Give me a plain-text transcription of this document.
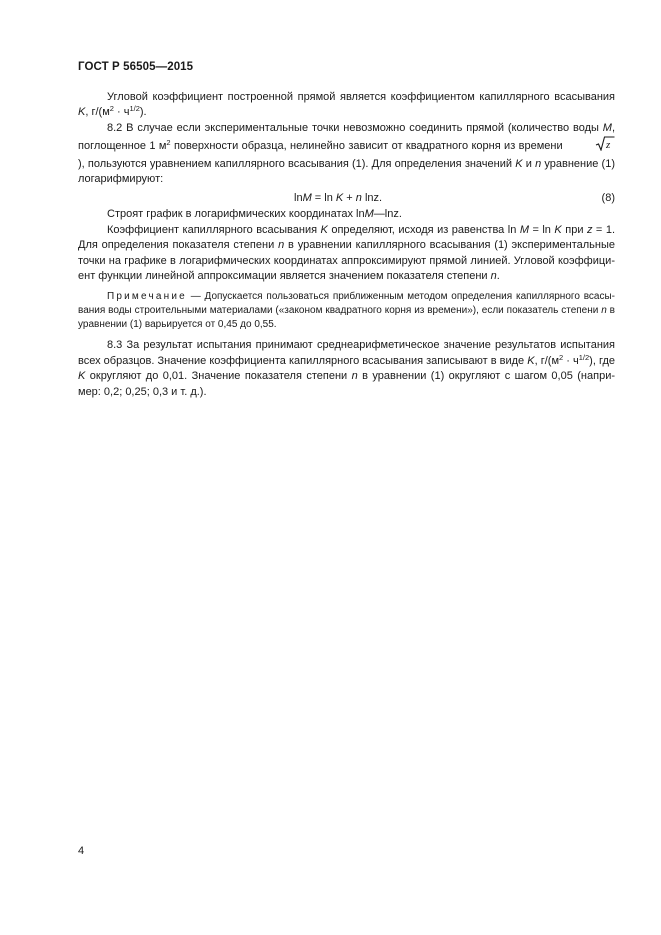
ГОСТ Р 56505—2015

Угловой коэффициент построенной прямой является коэффициентом капиллярного всасывания K, $г/(м^2 \cdot ч^{1/2})$.

8.2 В случае если экспериментальные точки невозможно соединить прямой (количество воды M, поглощенное 1 $м^2$ поверхности образца, нелинейно зависит от квадратного корня из времени	z
), пользуются уравнением капиллярного всасывания (1). Для определения значений K и n уравнение (1) логарифмируют:

lnM = ln K + n lnz.	(8)

Строят график в логарифмических координатах lnM—lnz.

Коэффициент капиллярного всасывания K определяют, исходя из равенства ln M = ln K при z = 1. Для определения показателя степени n в уравнении капиллярного всасывания (1) экспериментальные точки на графике в логарифмических координатах аппроксимируют прямой линией. Угловой коэффици-ент функции линейной аппроксимации является значением показателя степени n.

Примечание — Допускается пользоваться приближенным методом определения капиллярного всасы-вания воды строительными материалами («законом квадратного корня из времени»), если показатель степени n в уравнении (1) варьируется от 0,45 до 0,55.

8.3 За результат испытания принимают среднеарифметическое значение результатов испытания всех образцов. Значение коэффициента капиллярного всасывания записывают в виде K, $г/(м^2 \cdot ч^{1/2})$, где K округляют до 0,01. Значение показателя степени n в уравнении (1) округляют с шагом 0,05 (напри-мер: 0,2; 0,25; 0,3 и т. д.).

4
